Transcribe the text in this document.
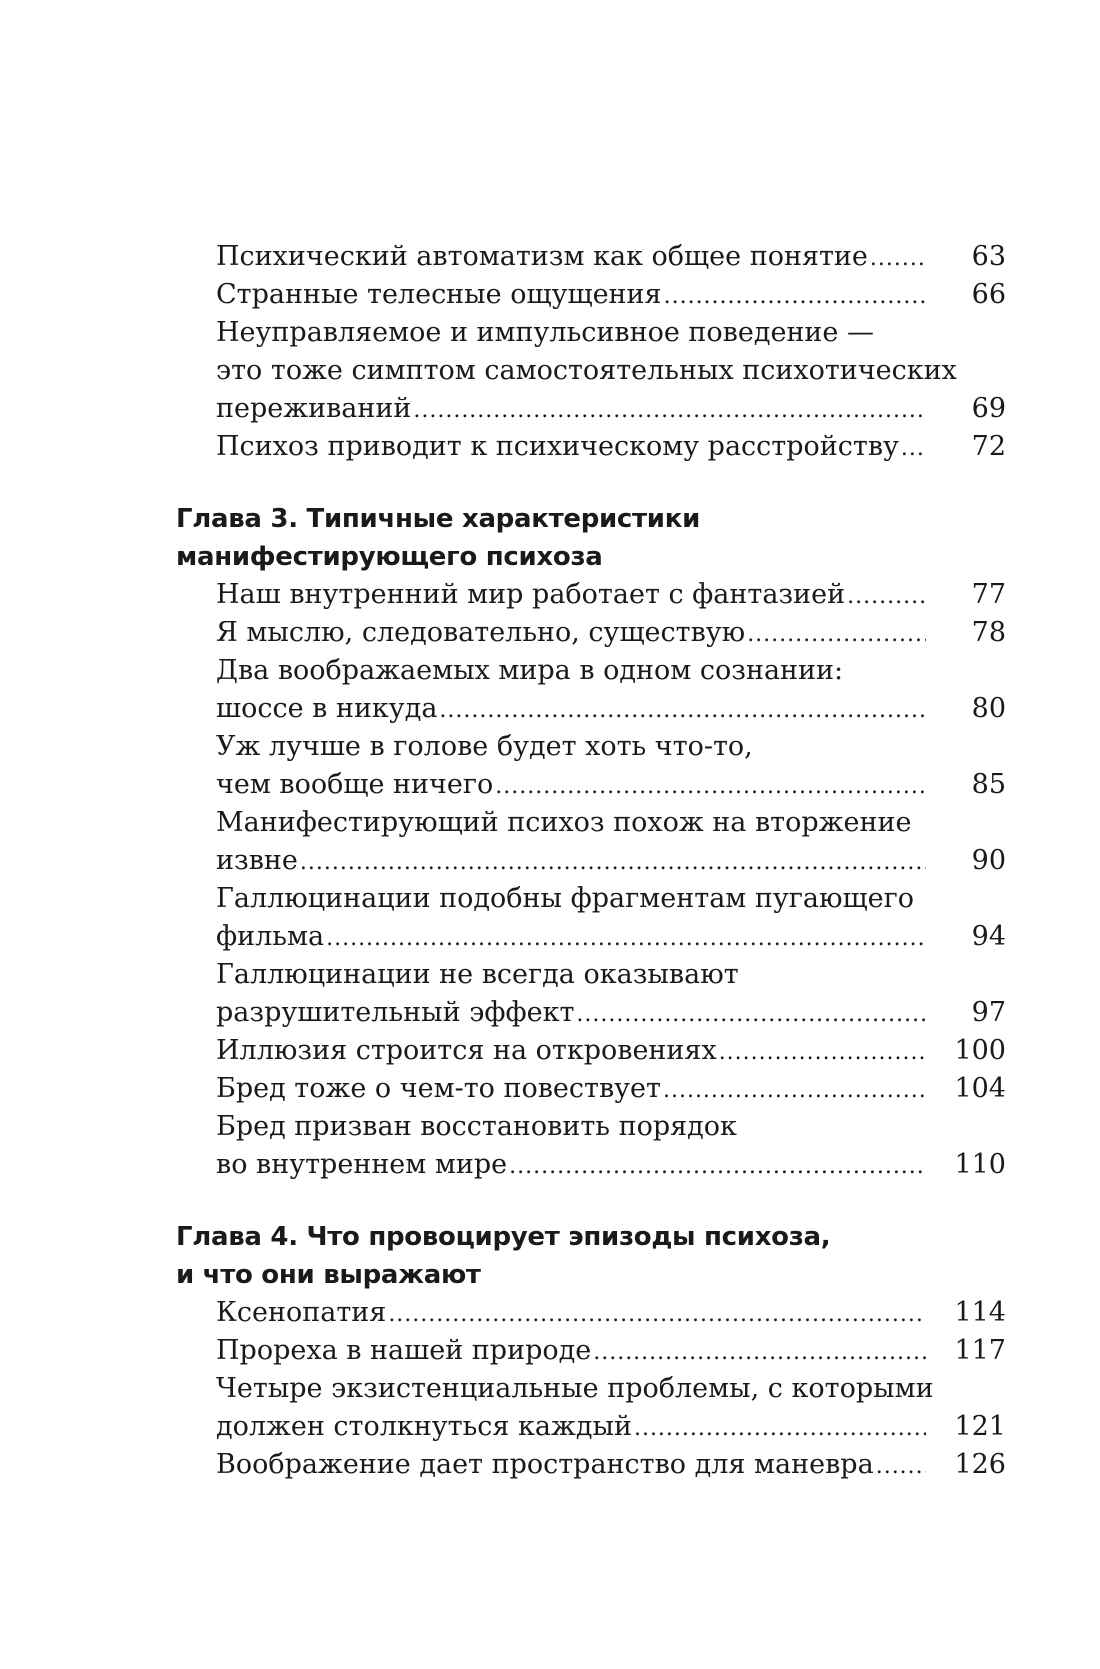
Психический автоматизм как общее понятие .....	63
Странные телесные ощущения .....	66
Неуправляемое и импульсивное поведение —
это тоже симптом самостоятельных психотических
переживаний .....	69
Психоз приводит к психическому расстройству .....	72
Глава 3. Типичные характеристики
манифестирующего психоза
Наш внутренний мир работает с фантазией .....	77
Я мыслю, следовательно, существую .....	78
Два воображаемых мира в одном сознании:
шоссе в никуда .....	80
Уж лучше в голове будет хоть что-то,
чем вообще ничего .....	85
Манифестирующий психоз похож на вторжение
извне .....	90
Галлюцинации подобны фрагментам пугающего
фильма .....	94
Галлюцинации не всегда оказывают
разрушительный эффект .....	97
Иллюзия строится на откровениях .....	100
Бред тоже о чем-то повествует .....	104
Бред призван восстановить порядок
во внутреннем мире .....	110
Глава 4. Что провоцирует эпизоды психоза,
и что они выражают
Ксенопатия .....	114
Прореха в нашей природе .....	117
Четыре экзистенциальные проблемы, с которыми
должен столкнуться каждый .....	121
Воображение дает пространство для маневра .....	126
